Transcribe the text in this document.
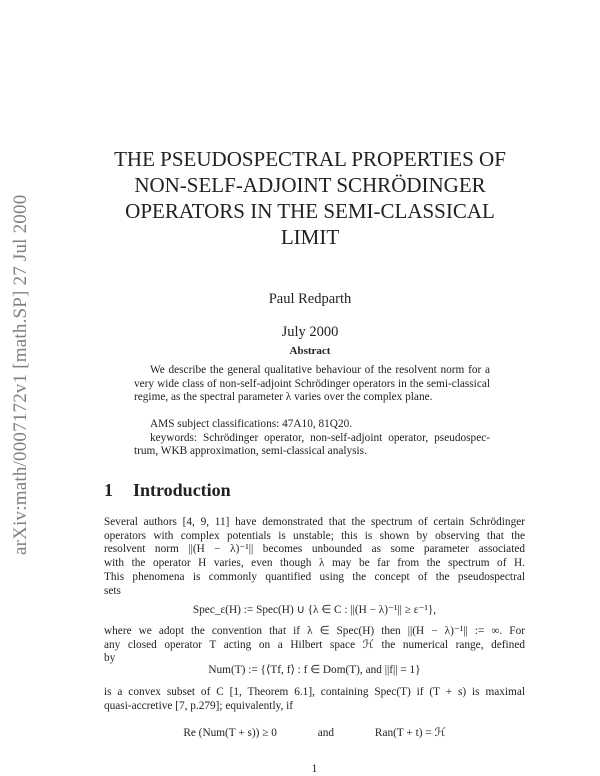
arXiv:math/0007172v1 [math.SP] 27 Jul 2000
THE PSEUDOSPECTRAL PROPERTIES OF
NON-SELF-ADJOINT SCHRÖDINGER
OPERATORS IN THE SEMI-CLASSICAL
LIMIT
Paul Redparth
July 2000
Abstract
We describe the general qualitative behaviour of the resolvent norm for a
very wide class of non-self-adjoint Schrödinger operators in the semi-classical
regime, as the spectral parameter λ varies over the complex plane.
AMS subject classifications: 47A10, 81Q20.
keywords: Schrödinger operator, non-self-adjoint operator, pseudospec-
trum, WKB approximation, semi-classical analysis.
1 Introduction
Several authors [4, 9, 11] have demonstrated that the spectrum of certain Schrödinger
operators with complex potentials is unstable; this is shown by observing that the
resolvent norm ||(H − λ)⁻¹|| becomes unbounded as some parameter associated
with the operator H varies, even though λ may be far from the spectrum of H.
This phenomena is commonly quantified using the concept of the pseudospectral
sets
Spec_ε(H) := Spec(H) ∪ {λ ∈ C : ||(H − λ)⁻¹|| ≥ ε⁻¹},
where we adopt the convention that if λ ∈ Spec(H) then ||(H − λ)⁻¹|| := ∞. For
any closed operator T acting on a Hilbert space ℋ the numerical range, defined
by
Num(T) := {⟨Tf, f⟩ : f ∈ Dom(T), and ||f|| = 1}
is a convex subset of C [1, Theorem 6.1], containing Spec(T) if (T + s) is maximal
quasi-accretive [7, p.279]; equivalently, if
Re (Num(T + s)) ≥ 0	and	Ran(T + t) = ℋ
1
